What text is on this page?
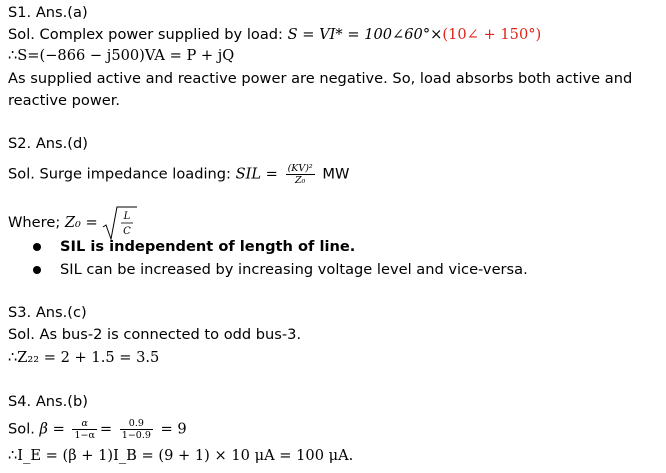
S1. Ans.(a)
Sol. Complex power supplied by load: S = VI* = 100∠60°×(10∠ + 150°)
∴S=(−866 − j500)VA = P + jQ
As supplied active and reactive power are negative. So, load absorbs both active and
reactive power.
S2. Ans.(d)
Sol. Surge impedance loading: SIL = $\frac{\text{(KV)²}}{\text{Z₀}}$ MW
Where; Z₀ =	L
C
SIL is independent of length of line.
SIL can be increased by increasing voltage level and vice-versa.
S3. Ans.(c)
Sol. As bus-2 is connected to odd bus-3.
∴Z₂₂ = 2 + 1.5 = 3.5
S4. Ans.(b)
Sol. $\beta = \frac{\alpha}{1-\alpha} = \frac{0.9}{1-0.9} = 9$
∴I_E = (β + 1)I_B = (9 + 1) × 10 μA = 100 μA.
